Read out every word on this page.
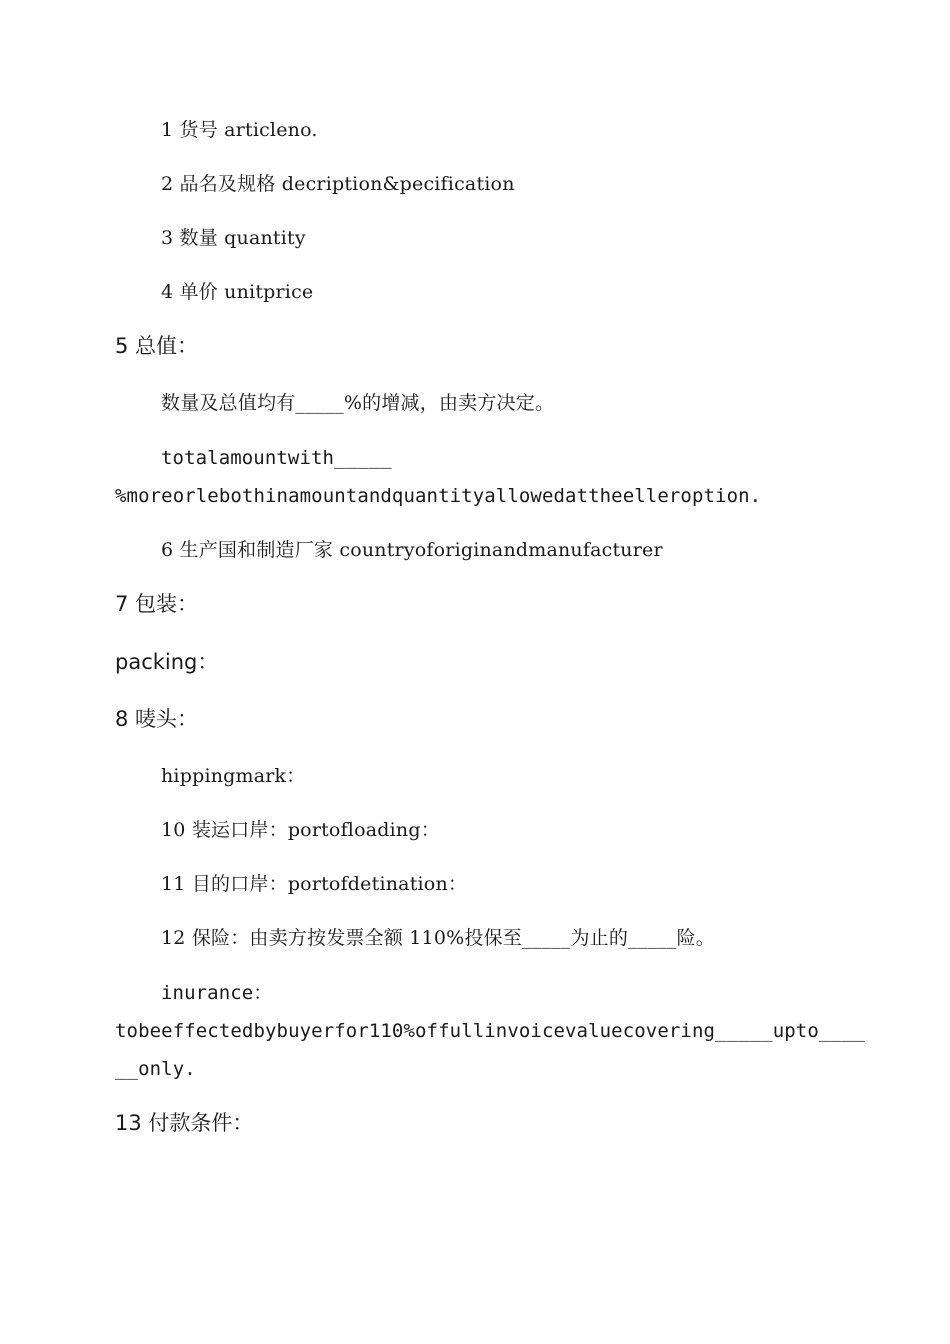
1 货号 articleno.
2 品名及规格 decription&pecification
3 数量 quantity
4 单价 unitprice
5 总值：
数量及总值均有_____%的增减，由卖方决定。
totalamountwith_____
%moreorlebothinamountandquantityallowedattheelleroption.
6 生产国和制造厂家 countryoforiginandmanufacturer
7 包装：
packing：
8 唛头：
hippingmark：
10 装运口岸：portofloading：
11 目的口岸：portofdetination：
12 保险：由卖方按发票全额 110%投保至_____为止的_____险。
inurance：
tobeeffectedbybuyerfor110%offullinvoicevaluecovering_____upto____
__only.
13 付款条件：
